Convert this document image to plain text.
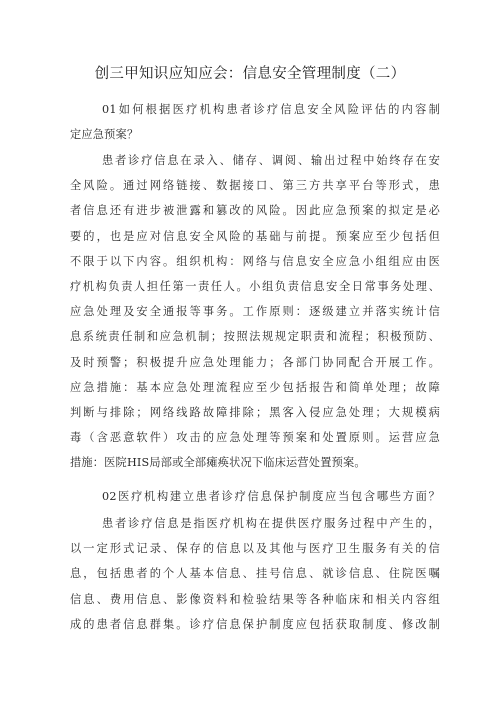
创三甲知识应知应会：信息安全管理制度（二）
01如何根据医疗机构患者诊疗信息安全风险评估的内容制
定应急预案？
患者诊疗信息在录入、储存、调阅、输出过程中始终存在安
全风险。通过网络链接、数据接口、第三方共享平台等形式，患
者信息还有进步被泄露和篡改的风险。因此应急预案的拟定是必
要的，也是应对信息安全风险的基础与前提。预案应至少包括但
不限于以下内容。组织机构：网络与信息安全应急小组组应由医
疗机构负责人担任第一责任人。小组负责信息安全日常事务处理、
应急处理及安全通报等事务。工作原则：逐级建立并落实统计信
息系统责任制和应急机制；按照法规规定职责和流程；积极预防、
及时预警；积极提升应急处理能力；各部门协同配合开展工作。
应急措施：基本应急处理流程应至少包括报告和简单处理；故障
判断与排除；网络线路故障排除；黑客入侵应急处理；大规模病
毒（含恶意软件）攻击的应急处理等预案和处置原则。运营应急
措施：医院HIS局部或全部瘫痪状况下临床运营处置预案。
02医疗机构建立患者诊疗信息保护制度应当包含哪些方面？
患者诊疗信息是指医疗机构在提供医疗服务过程中产生的，
以一定形式记录、保存的信息以及其他与医疗卫生服务有关的信
息，包括患者的个人基本信息、挂号信息、就诊信息、住院医嘱
信息、费用信息、影像资料和检验结果等各种临床和相关内容组
成的患者信息群集。诊疗信息保护制度应包括获取制度、修改制
